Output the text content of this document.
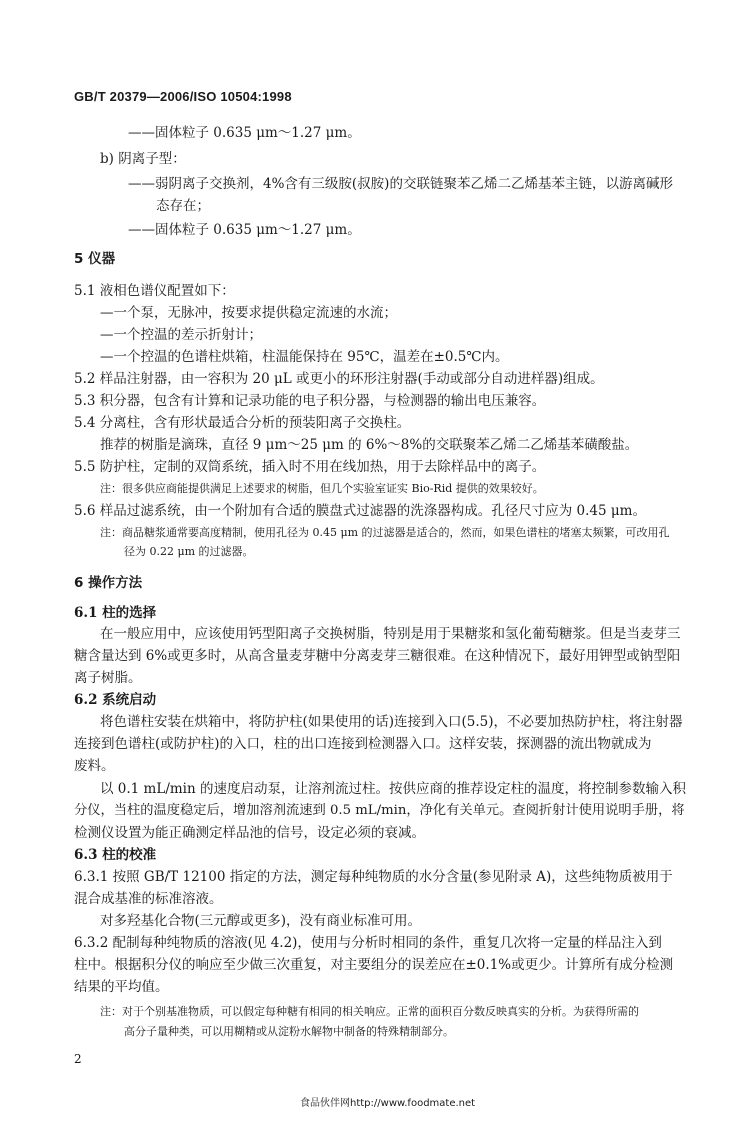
GB/T 20379—2006/ISO 10504:1998
——固体粒子 0.635 μm～1.27 μm。
b) 阴离子型：
——弱阴离子交换剂，4%含有三级胺(叔胺)的交联链聚苯乙烯二乙烯基苯主链，以游离碱形
态存在；
——固体粒子 0.635 μm～1.27 μm。
5 仪器
5.1 液相色谱仪配置如下：
—一个泵，无脉冲，按要求提供稳定流速的水流；
—一个控温的差示折射计；
—一个控温的色谱柱烘箱，柱温能保持在 95℃，温差在±0.5℃内。
5.2 样品注射器，由一容积为 20 μL 或更小的环形注射器(手动或部分自动进样器)组成。
5.3 积分器，包含有计算和记录功能的电子积分器，与检测器的输出电压兼容。
5.4 分离柱，含有形状最适合分析的预装阳离子交换柱。
推荐的树脂是滴珠，直径 9 μm～25 μm 的 6%～8%的交联聚苯乙烯二乙烯基苯磺酸盐。
5.5 防护柱，定制的双筒系统，插入时不用在线加热，用于去除样品中的离子。
注：很多供应商能提供满足上述要求的树脂，但几个实验室证实 Bio-Rid 提供的效果较好。
5.6 样品过滤系统，由一个附加有合适的膜盘式过滤器的洗涤器构成。孔径尺寸应为 0.45 μm。
注：商品糖浆通常要高度精制，使用孔径为 0.45 μm 的过滤器是适合的，然而，如果色谱柱的堵塞太频繁，可改用孔
径为 0.22 μm 的过滤器。
6 操作方法
6.1 柱的选择
在一般应用中，应该使用钙型阳离子交换树脂，特别是用于果糖浆和氢化葡萄糖浆。但是当麦芽三
糖含量达到 6%或更多时，从高含量麦芽糖中分离麦芽三糖很难。在这种情况下，最好用钾型或钠型阳
离子树脂。
6.2 系统启动
将色谱柱安装在烘箱中，将防护柱(如果使用的话)连接到入口(5.5)，不必要加热防护柱，将注射器
连接到色谱柱(或防护柱)的入口，柱的出口连接到检测器入口。这样安装，探测器的流出物就成为
废料。
以 0.1 mL/min 的速度启动泵，让溶剂流过柱。按供应商的推荐设定柱的温度，将控制参数输入积
分仪，当柱的温度稳定后，增加溶剂流速到 0.5 mL/min，净化有关单元。查阅折射计使用说明手册，将
检测仪设置为能正确测定样品池的信号，设定必须的衰减。
6.3 柱的校准
6.3.1 按照 GB/T 12100 指定的方法，测定每种纯物质的水分含量(参见附录 A)，这些纯物质被用于
混合成基准的标准溶液。
对多羟基化合物(三元醇或更多)，没有商业标准可用。
6.3.2 配制每种纯物质的溶液(见 4.2)，使用与分析时相同的条件，重复几次将一定量的样品注入到
柱中。根据积分仪的响应至少做三次重复，对主要组分的误差应在±0.1%或更少。计算所有成分检测
结果的平均值。
注：对于个别基准物质，可以假定每种糖有相同的相关响应。正常的面积百分数反映真实的分析。为获得所需的
高分子量种类，可以用糊精或从淀粉水解物中制备的特殊精制部分。
2
食品伙伴网http://www.foodmate.net
